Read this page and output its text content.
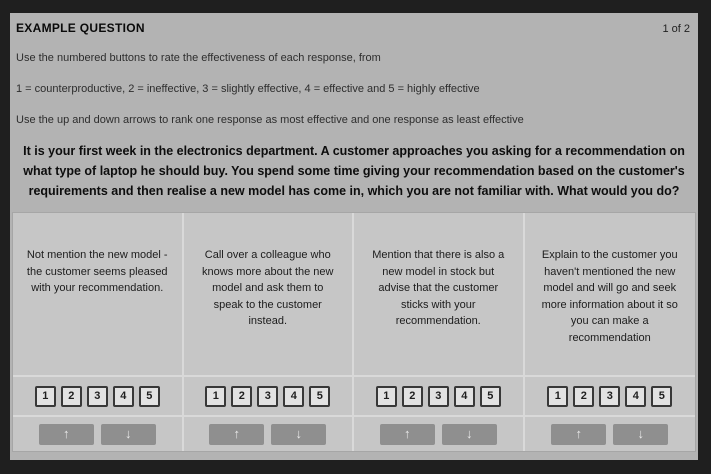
EXAMPLE QUESTION	1 of 2

Use the numbered buttons to rate the effectiveness of each response, from

1 = counterproductive, 2 = ineffective, 3 = slightly effective, 4 = effective and 5 = highly effective

Use the up and down arrows to rank one response as most effective and one response as least effective

It is your first week in the electronics department. A customer approaches you asking for a recommendation on what type of laptop he should buy. You spend some time giving your recommendation based on the customer's requirements and then realise a new model has come in, which you are not familiar with. What would you do?
Not mention the new model - the customer seems pleased with your recommendation.
1	2	3	4	5
↑	↓
Call over a colleague who knows more about the new model and ask them to speak to the customer instead.
1	2	3	4	5
↑	↓
Mention that there is also a new model in stock but advise that the customer sticks with your recommendation.
1	2	3	4	5
↑	↓
Explain to the customer you haven't mentioned the new model and will go and seek more information about it so you can make a recommendation
1	2	3	4	5
↑	↓
